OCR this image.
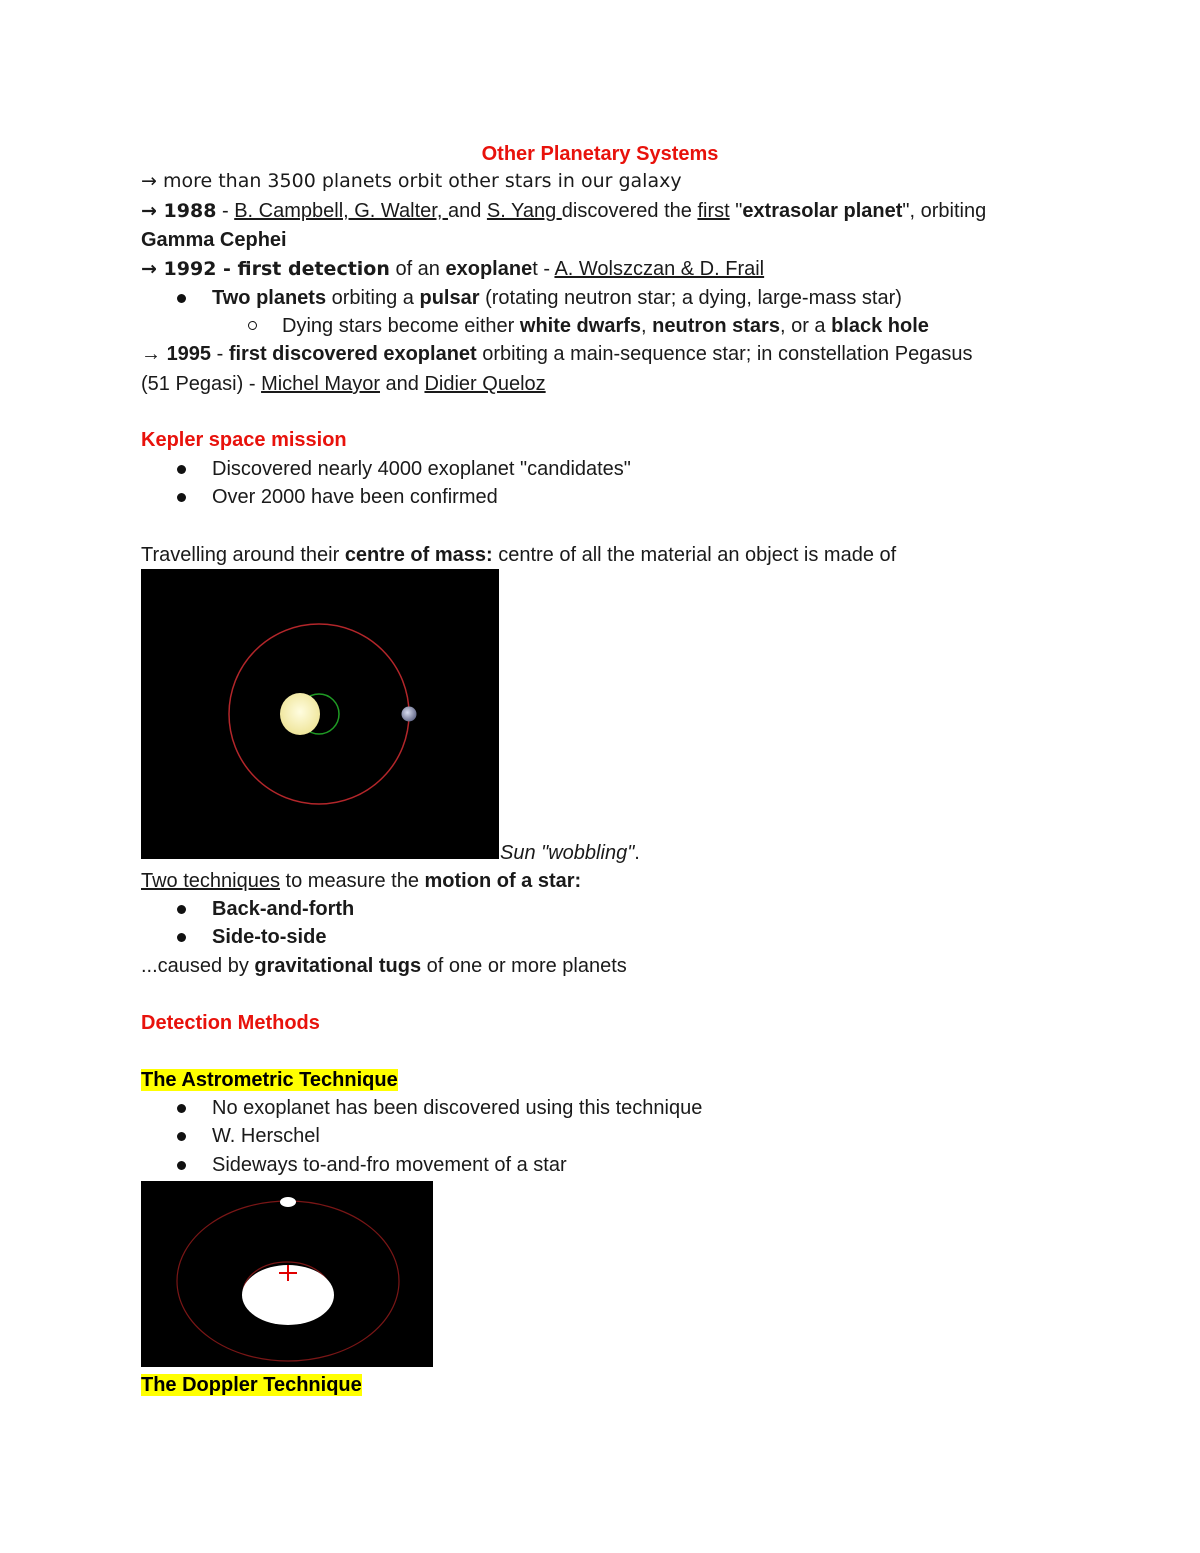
Other Planetary Systems
→ more than 3500 planets orbit other stars in our galaxy
→ 1988 - B. Campbell, G. Walter, and S. Yang discovered the first "extrasolar planet", orbiting
Gamma Cephei
→ 1992 - first detection of an exoplanet - A. Wolszczan & D. Frail
Two planets orbiting a pulsar (rotating neutron star; a dying, large-mass star)
Dying stars become either white dwarfs, neutron stars, or a black hole
→ 1995 - first discovered exoplanet orbiting a main-sequence star; in constellation Pegasus
(51 Pegasi) - Michel Mayor and Didier Queloz
Kepler space mission
Discovered nearly 4000 exoplanet "candidates"
Over 2000 have been confirmed
Travelling around their centre of mass: centre of all the material an object is made of
Sun "wobbling".
Two techniques to measure the motion of a star:
Back-and-forth
Side-to-side
...caused by gravitational tugs of one or more planets
Detection Methods
The Astrometric Technique
No exoplanet has been discovered using this technique
W. Herschel
Sideways to-and-fro movement of a star
The Doppler Technique
